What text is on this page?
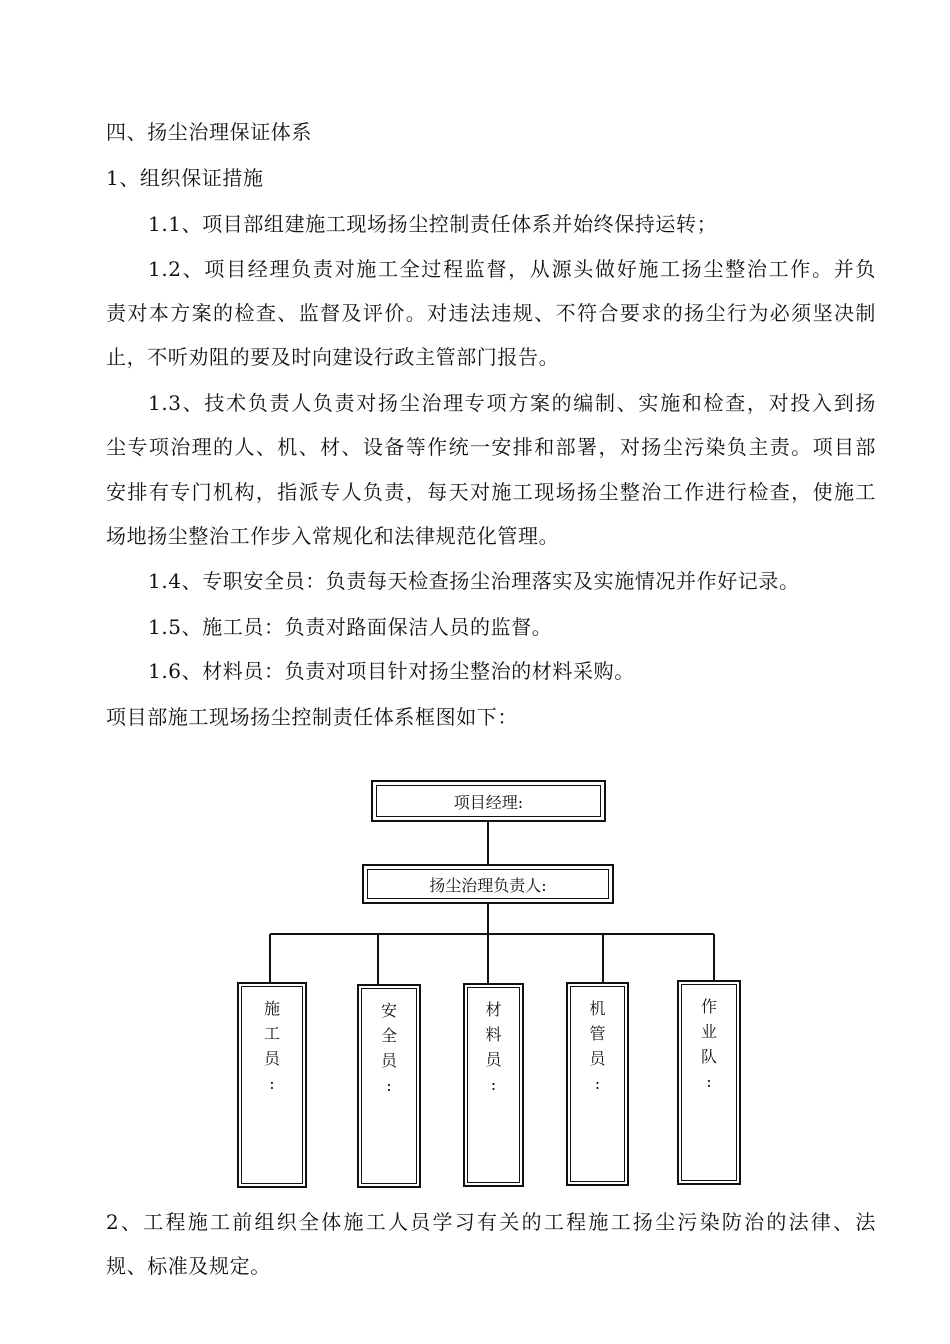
四、扬尘治理保证体系
1、组织保证措施
1.1、项目部组建施工现场扬尘控制责任体系并始终保持运转；
1.2、项目经理负责对施工全过程监督，从源头做好施工扬尘整治工作。并负
责对本方案的检查、监督及评价。对违法违规、不符合要求的扬尘行为必须坚决制
止，不听劝阻的要及时向建设行政主管部门报告。
1.3、技术负责人负责对扬尘治理专项方案的编制、实施和检查，对投入到扬
尘专项治理的人、机、材、设备等作统一安排和部署，对扬尘污染负主责。项目部
安排有专门机构，指派专人负责，每天对施工现场扬尘整治工作进行检查，使施工
场地扬尘整治工作步入常规化和法律规范化管理。
1.4、专职安全员：负责每天检查扬尘治理落实及实施情况并作好记录。
1.5、施工员：负责对路面保洁人员的监督。
1.6、材料员：负责对项目针对扬尘整治的材料采购。
项目部施工现场扬尘控制责任体系框图如下：
项目经理:
扬尘治理负责人:
施
工
员
:
安
全
员
:
材
料
员
:
机
管
员
:
作
业
队
:
2、工程施工前组织全体施工人员学习有关的工程施工扬尘污染防治的法律、法
规、标准及规定。
